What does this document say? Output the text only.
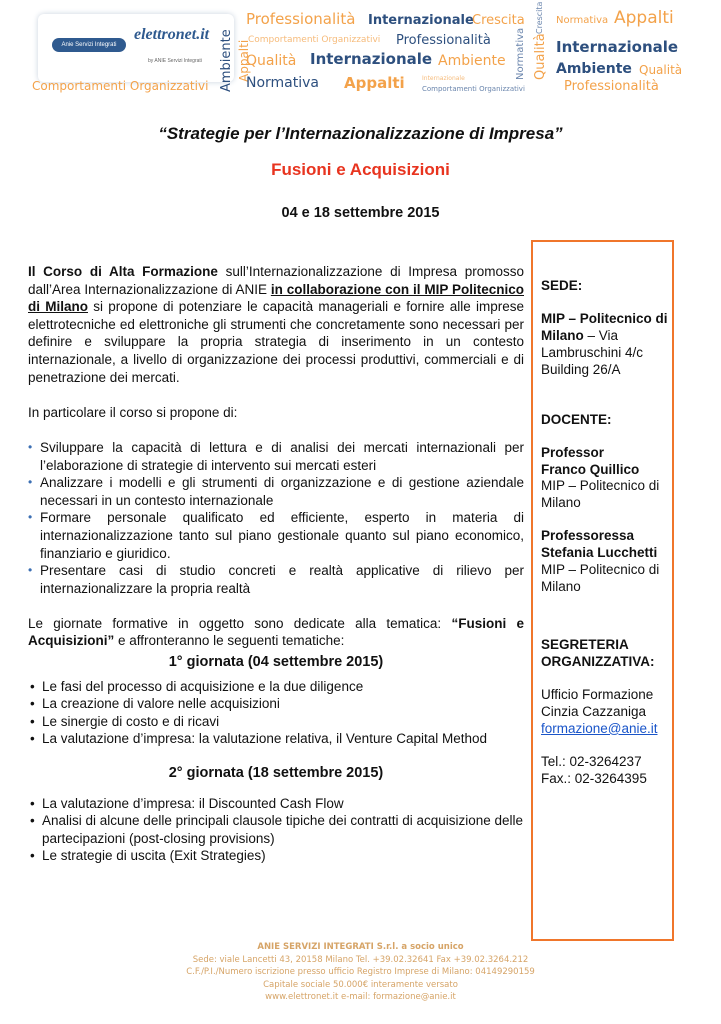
Anie Servizi Integrati
elettronet.it
by ANIE Servizi Integrati
Comportamenti Organizzativi Ambiente Appalti
Professionalità Internazionale
Crescita
Comportamenti Organizzativi Professionalità
Qualità Internazionale Ambiente
Normativa Appalti	Internazionale
Comportamenti Organizzativi
Normativa Qualità
Crescita Normativa Appalti
Internazionale
Ambiente Qualità
Professionalità
“Strategie per l’Internazionalizzazione di Impresa”
Fusioni e Acquisizioni
04 e 18 settembre 2015

Il Corso di Alta Formazione sull’Internazionalizzazione di Impresa promosso dall’Area Internazionalizzazione di ANIE in collaborazione con il MIP Politecnico di Milano si propone di potenziare le capacità manageriali e fornire alle imprese elettrotecniche ed elettroniche gli strumenti che concretamente sono necessari per definire e sviluppare la propria strategia di inserimento in un contesto internazionale, a livello di organizzazione dei processi produttivi, commerciali e di penetrazione dei mercati.

In particolare il corso si propone di:

• Sviluppare la capacità di lettura e di analisi dei mercati internazionali per l’elaborazione di strategie di intervento sui mercati esteri
• Analizzare i modelli e gli strumenti di organizzazione e di gestione aziendale necessari in un contesto internazionale
• Formare personale qualificato ed efficiente, esperto in materia di internazionalizzazione tanto sul piano gestionale quanto sul piano economico, finanziario e giuridico.
• Presentare casi di studio concreti e realtà applicative di rilievo per internazionalizzare la propria realtà

Le giornate formative in oggetto sono dedicate alla tematica: “Fusioni e Acquisizioni” e affronteranno le seguenti tematiche:

1° giornata (04 settembre 2015)

• Le fasi del processo di acquisizione e la due diligence
• La creazione di valore nelle acquisizioni
• Le sinergie di costo e di ricavi
• La valutazione d’impresa: la valutazione relativa, il Venture Capital Method

2° giornata (18 settembre 2015)

• La valutazione d’impresa: il Discounted Cash Flow
• Analisi di alcune delle principali clausole tipiche dei contratti di acquisizione delle partecipazioni (post-closing provisions)
• Le strategie di uscita (Exit Strategies)

SEDE:

MIP – Politecnico di Milano – Via Lambruschini 4/c Building 26/A

DOCENTE:

Professor

Franco Quillico

MIP – Politecnico di Milano

Professoressa

Stefania Lucchetti

MIP – Politecnico di Milano

SEGRETERIA ORGANIZZATIVA:

Ufficio Formazione

Cinzia Cazzaniga

formazione@anie.it

Tel.: 02-3264237

Fax.: 02-3264395

ANIE SERVIZI INTEGRATI S.r.l. a socio unico
Sede: viale Lancetti 43, 20158 Milano Tel. +39.02.32641 Fax +39.02.3264.212
C.F./P.I./Numero iscrizione presso ufficio Registro Imprese di Milano: 04149290159
Capitale sociale 50.000€ interamente versato
www.elettronet.it e-mail: formazione@anie.it
